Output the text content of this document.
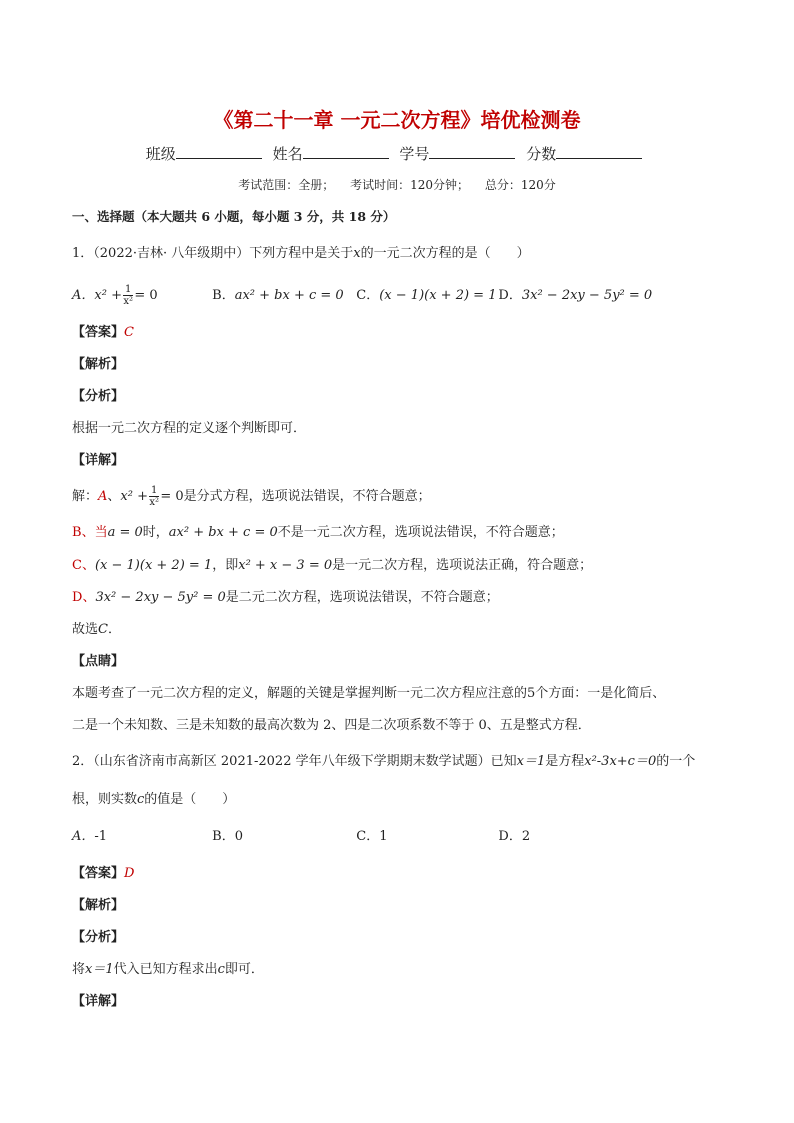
《第二十一章 一元二次方程》培优检测卷
班级	姓名	学号	分数
考试范围：全册； 考试时间：120分钟； 总分：120分
一、选择题（本大题共 6 小题，每小题 3 分，共 18 分）
1．（2022·吉林· 八年级期中）下列方程中是关于x的一元二次方程的是（　　）
A．$x^2 + \frac{1}{\text{x²}} = 0$	B．ax² + bx + c = 0 C．(x − 1)(x + 2) = 1 D．3x² − 2xy − 5y² = 0
【答案】C
【解析】
【分析】
根据一元二次方程的定义逐个判断即可．
【详解】
解：A、$x^2 + \frac{1}{\text{x²}} = 0$是分式方程，选项说法错误，不符合题意；
B、当a = 0时，ax² + bx + c = 0不是一元二次方程，选项说法错误，不符合题意；
C、(x − 1)(x + 2) = 1，即x² + x − 3 = 0是一元二次方程，选项说法正确，符合题意；
D、3x² − 2xy − 5y² = 0是二元二次方程，选项说法错误，不符合题意；
故选C．
【点睛】
本题考查了一元二次方程的定义，解题的关键是掌握判断一元二次方程应注意的5个方面：一是化简后、
二是一个未知数、三是未知数的最高次数为 2、四是二次项系数不等于 0、五是整式方程．
2．（山东省济南市高新区 2021-2022 学年八年级下学期期末数学试题）已知x＝1是方程x²-3x+c＝0的一个
根，则实数c的值是（　　）
A．-1	B．0	C．1	D．2
【答案】D
【解析】
【分析】
将x＝1代入已知方程求出c即可．
【详解】
